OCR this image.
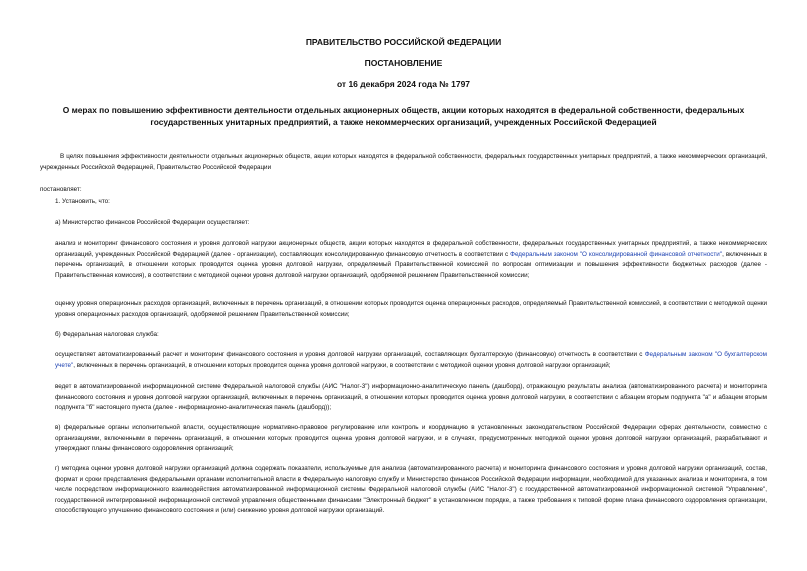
ПРАВИТЕЛЬСТВО РОССИЙСКОЙ ФЕДЕРАЦИИ
ПОСТАНОВЛЕНИЕ
от 16 декабря 2024 года № 1797
О мерах по повышению эффективности деятельности отдельных акционерных обществ, акции которых находятся в федеральной собственности, федеральных государственных унитарных предприятий, а также некоммерческих организаций, учрежденных Российской Федерацией

В целях повышения эффективности деятельности отдельных акционерных обществ, акции которых находятся в федеральной собственности, федеральных государственных унитарных предприятий, а также некоммерческих организаций, учрежденных Российской Федерацией, Правительство Российской Федерации

постановляет:

1. Установить, что:

а) Министерство финансов Российской Федерации осуществляет:

анализ и мониторинг финансового состояния и уровня долговой нагрузки акционерных обществ, акции которых находятся в федеральной собственности, федеральных государственных унитарных предприятий, а также некоммерческих организаций, учрежденных Российской Федерацией (далее - организации), составляющих консолидированную финансовую отчетность в соответствии с Федеральным законом "О консолидированной финансовой отчетности", включенных в перечень организаций, в отношении которых проводится оценка уровня долговой нагрузки, определяемый Правительственной комиссией по вопросам оптимизации и повышения эффективности бюджетных расходов (далее - Правительственная комиссия), в соответствии с методикой оценки уровня долговой нагрузки организаций, одобряемой решением Правительственной комиссии;

оценку уровня операционных расходов организаций, включенных в перечень организаций, в отношении которых проводится оценка операционных расходов, определяемый Правительственной комиссией, в соответствии с методикой оценки уровня операционных расходов организаций, одобряемой решением Правительственной комиссии;

б) Федеральная налоговая служба:

осуществляет автоматизированный расчет и мониторинг финансового состояния и уровня долговой нагрузки организаций, составляющих бухгалтерскую (финансовую) отчетность в соответствии с Федеральным законом "О бухгалтерском учете", включенных в перечень организаций, в отношении которых проводится оценка уровня долговой нагрузки, в соответствии с методикой оценки уровня долговой нагрузки организаций;

ведет в автоматизированной информационной системе Федеральной налоговой службы (АИС "Налог-3") информационно-аналитическую панель (дашборд), отражающую результаты анализа (автоматизированного расчета) и мониторинга финансового состояния и уровня долговой нагрузки организаций, включенных в перечень организаций, в отношении которых проводится оценка уровня долговой нагрузки, в соответствии с абзацем вторым подпункта "а" и абзацем вторым подпункта "б" настоящего пункта (далее - информационно-аналитическая панель (дашборд));

в) федеральные органы исполнительной власти, осуществляющие нормативно-правовое регулирование или контроль и координацию в установленных законодательством Российской Федерации сферах деятельности, совместно с организациями, включенными в перечень организаций, в отношении которых проводится оценка уровня долговой нагрузки, и в случаях, предусмотренных методикой оценки уровня долговой нагрузки организаций, разрабатывают и утверждают планы финансового оздоровления организаций;

г) методика оценки уровня долговой нагрузки организаций должна содержать показатели, используемые для анализа (автоматизированного расчета) и мониторинга финансового состояния и уровня долговой нагрузки организаций, состав, формат и сроки представления федеральными органами исполнительной власти в Федеральную налоговую службу и Министерство финансов Российской Федерации информации, необходимой для указанных анализа и мониторинга, в том числе посредством информационного взаимодействия автоматизированной информационной системы Федеральной налоговой службы (АИС "Налог-3") с государственной автоматизированной информационной системой "Управление", государственной интегрированной информационной системой управления общественными финансами "Электронный бюджет" в установленном порядке, а также требования к типовой форме плана финансового оздоровления организации, способствующего улучшению финансового состояния и (или) снижению уровня долговой нагрузки организаций.
